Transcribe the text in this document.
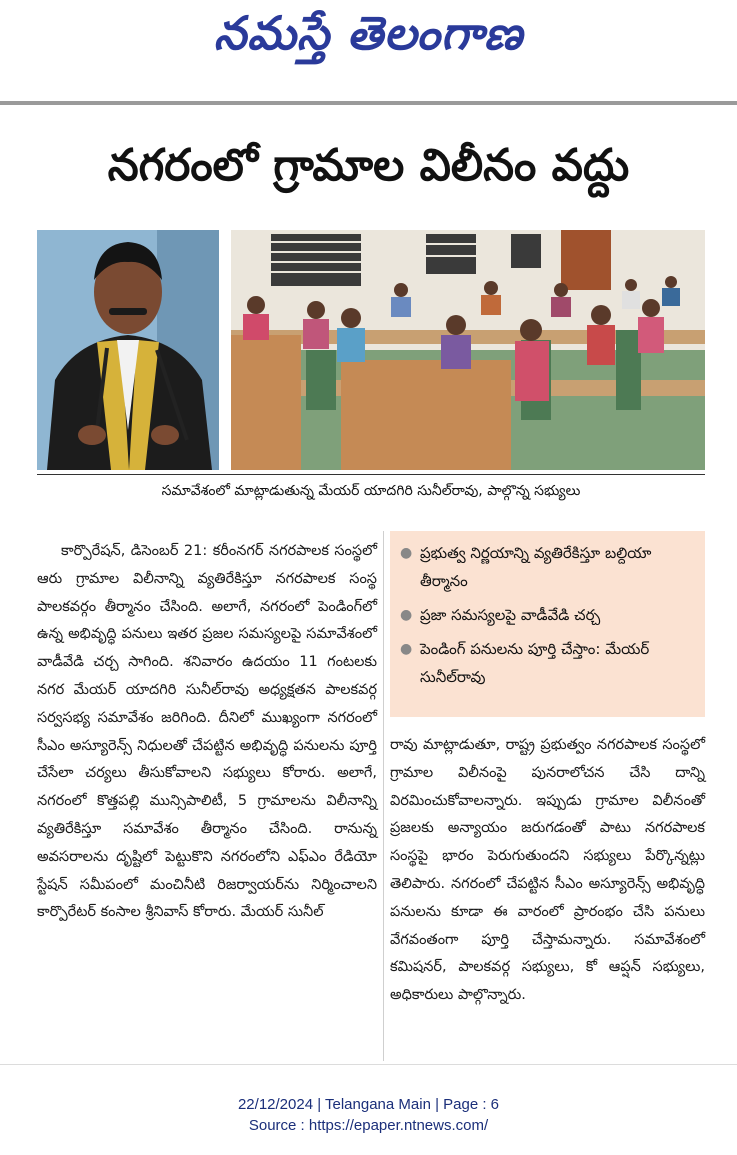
నమస్తే తెలంగాణ
నగరంలో గ్రామాల విలీనం వద్దు
సమావేశంలో మాట్లాడుతున్న మేయర్ యాదగిరి సునీల్‌రావు, పాల్గొన్న సభ్యులు

కార్పొరేషన్, డిసెంబర్ 21: కరీంనగర్ నగరపాలక సంస్థలో ఆరు గ్రామాల విలీనాన్ని వ్యతిరేకిస్తూ నగరపాలక సంస్థ పాలకవర్గం తీర్మానం చేసింది. అలాగే, నగరంలో పెండింగ్‌లో ఉన్న అభివృద్ధి పనులు ఇతర ప్రజల సమస్యలపై సమావేశంలో వాడీవేడి చర్చ సాగింది. శనివారం ఉదయం 11 గంటలకు నగర మేయర్ యాదగిరి సునీల్‌రావు అధ్యక్షతన పాలకవర్గ సర్వసభ్య సమావేశం జరిగింది. దీనిలో ముఖ్యంగా నగరంలో సీఎం అస్యూరెన్స్ నిధులతో చేపట్టిన అభివృద్ధి పనులను పూర్తి చేసేలా చర్యలు తీసుకోవాలని సభ్యులు కోరారు. అలాగే, నగరంలో కొత్తపల్లి మున్సిపాలిటీ, 5 గ్రామాలను విలీనాన్ని వ్యతిరేకిస్తూ సమావేశం తీర్మానం చేసింది. రానున్న అవసరాలను దృష్టిలో పెట్టుకొని నగరంలోని ఎఫ్‌ఎం రేడియో స్టేషన్ సమీపంలో మంచినీటి రిజర్వాయర్‌ను నిర్మించాలని కార్పొరేటర్ కంసాల శ్రీనివాస్ కోరారు. మేయర్ సునీల్

● ప్రభుత్వ నిర్ణయాన్ని వ్యతిరేకిస్తూ బల్దియా తీర్మానం
● ప్రజా సమస్యలపై వాడీవేడి చర్చ
● పెండింగ్ పనులను పూర్తి చేస్తాం: మేయర్ సునీల్‌రావు

రావు మాట్లాడుతూ, రాష్ట్ర ప్రభుత్వం నగరపాలక సంస్థలో గ్రామాల విలీనంపై పునరాలోచన చేసి దాన్ని విరమించుకోవాలన్నారు. ఇప్పుడు గ్రామాల విలీనంతో ప్రజలకు అన్యాయం జరుగడంతో పాటు నగరపాలక సంస్థపై భారం పెరుగుతుందని సభ్యులు పేర్కొన్నట్లు తెలిపారు. నగరంలో చేపట్టిన సీఎం అస్యూరెన్స్ అభివృద్ధి పనులను కూడా ఈ వారంలో ప్రారంభం చేసి పనులు వేగవంతంగా పూర్తి చేస్తామన్నారు. సమావేశంలో కమిషనర్, పాలకవర్గ సభ్యులు, కో ఆప్షన్ సభ్యులు, అధికారులు పాల్గొన్నారు.

22/12/2024 | Telangana Main | Page : 6
Source : https://epaper.ntnews.com/
